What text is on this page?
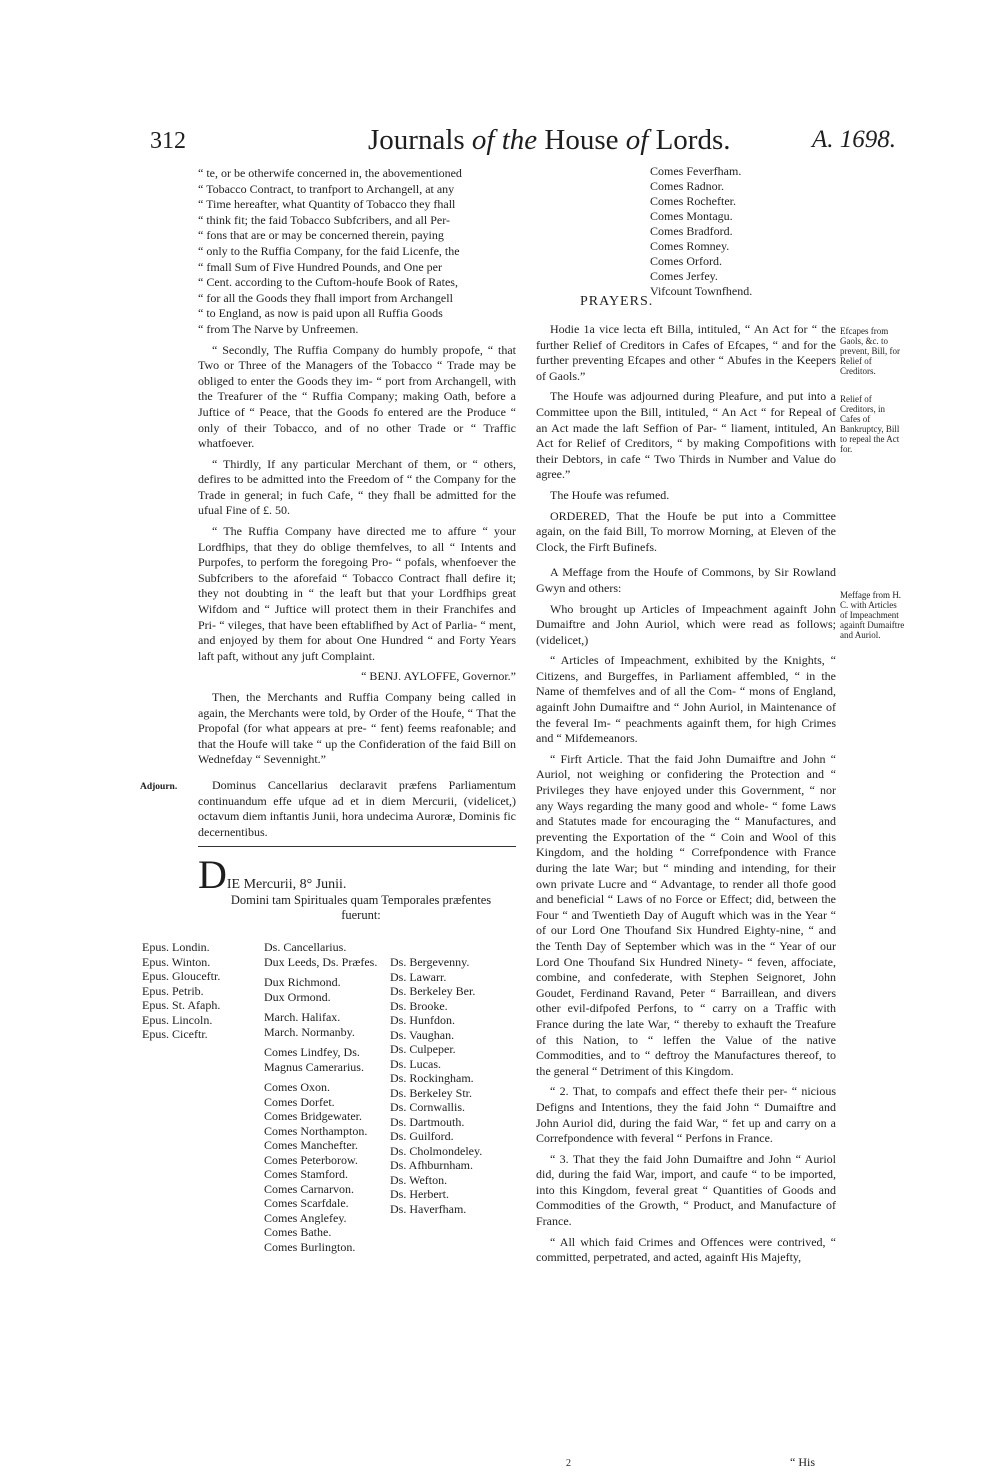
312	Journals of the House of Lords.	A. 1698.
“ te, or be otherwife concerned in, the abovementioned
“ Tobacco Contract, to tranfport to Archangell, at any
“ Time hereafter, what Quantity of Tobacco they fhall
“ think fit; the faid Tobacco Subfcribers, and all Per-
“ fons that are or may be concerned therein, paying
“ only to the Ruffia Company, for the faid Licenfe, the
“ fmall Sum of Five Hundred Pounds, and One per
“ Cent. according to the Cuftom-houfe Book of Rates,
“ for all the Goods they fhall import from Archangell
“ to England, as now is paid upon all Ruffia Goods
“ from The Narve by Unfreemen.

“ Secondly, The Ruffia Company do humbly propofe, “ that Two or Three of the Managers of the Tobacco “ Trade may be obliged to enter the Goods they im- “ port from Archangell, with the Treafurer of the “ Ruffia Company; making Oath, before a Juftice of “ Peace, that the Goods fo entered are the Produce “ only of their Tobacco, and of no other Trade or “ Traffic whatfoever.

“ Thirdly, If any particular Merchant of them, or “ others, defires to be admitted into the Freedom of “ the Company for the Trade in general; in fuch Cafe, “ they fhall be admitted for the ufual Fine of £. 50.

“ The Ruffia Company have directed me to affure “ your Lordfhips, that they do oblige themfelves, to all “ Intents and Purpofes, to perform the foregoing Pro- “ pofals, whenfoever the Subfcribers to the aforefaid “ Tobacco Contract fhall defire it; they not doubting in “ the leaft but that your Lordfhips great Wifdom and “ Juftice will protect them in their Franchifes and Pri- “ vileges, that have been eftablifhed by Act of Parlia- “ ment, and enjoyed by them for about One Hundred “ and Forty Years laft paft, without any juft Complaint.

“ BENJ. AYLOFFE, Governor.”

Then, the Merchants and Ruffia Company being called in again, the Merchants were told, by Order of the Houfe, “ That the Propofal (for what appears at pre- “ fent) feems reafonable; and that the Houfe will take “ up the Confideration of the faid Bill on Wednefday “ Sevennight.”

Dominus Cancellarius declaravit præfens Parliamentum continuandum effe ufque ad et in diem Mercurii, (videlicet,) octavum diem inftantis Junii, hora undecima Auroræ, Dominis fic decernentibus.

Adjourn.
DIE Mercurii, 8° Junii.
Domini tam Spirituales quam Temporales præfentes fuerunt:
Epus. Londin.
Epus. Winton.
Epus. Glouceftr.
Epus. Petrib.
Epus. St. Afaph.
Epus. Lincoln.
Epus. Ciceftr.
Ds. Cancellarius.
Dux Leeds, Ds. Præfes.

Dux Richmond.
Dux Ormond.

March. Halifax.
March. Normanby.

Comes Lindfey, Ds.
Magnus Camerarius.

Comes Oxon.
Comes Dorfet.
Comes Bridgewater.
Comes Northampton.
Comes Manchefter.
Comes Peterborow.
Comes Stamford.
Comes Carnarvon.
Comes Scarfdale.
Comes Anglefey.
Comes Bathe.
Comes Burlington.
Ds. Bergevenny.
Ds. Lawarr.
Ds. Berkeley Ber.
Ds. Brooke.
Ds. Hunfdon.
Ds. Vaughan.
Ds. Culpeper.
Ds. Lucas.
Ds. Rockingham.
Ds. Berkeley Str.
Ds. Cornwallis.
Ds. Dartmouth.
Ds. Guilford.
Ds. Cholmondeley.
Ds. Afhburnham.
Ds. Wefton.
Ds. Herbert.
Ds. Haverfham.
Comes Feverfham.
Comes Radnor.
Comes Rochefter.
Comes Montagu.
Comes Bradford.
Comes Romney.
Comes Orford.
Comes Jerfey.
Vifcount Townfhend.
PRAYERS.

Hodie 1a vice lecta eft Billa, intituled, “ An Act for “ the further Relief of Creditors in Cafes of Efcapes, “ and for the further preventing Efcapes and other “ Abufes in the Keepers of Gaols.”

The Houfe was adjourned during Pleafure, and put into a Committee upon the Bill, intituled, “ An Act “ for Repeal of an Act made the laft Seffion of Par- “ liament, intituled, An Act for Relief of Creditors, “ by making Compofitions with their Debtors, in cafe “ Two Thirds in Number and Value do agree.”

The Houfe was refumed.

ORDERED, That the Houfe be put into a Committee again, on the faid Bill, To morrow Morning, at Eleven of the Clock, the Firft Bufinefs.

A Meffage from the Houfe of Commons, by Sir Rowland Gwyn and others:

Who brought up Articles of Impeachment againft John Dumaiftre and John Auriol, which were read as follows; (videlicet,)

“ Articles of Impeachment, exhibited by the Knights, “ Citizens, and Burgeffes, in Parliament affembled, “ in the Name of themfelves and of all the Com- “ mons of England, againft John Dumaiftre and “ John Auriol, in Maintenance of the feveral Im- “ peachments againft them, for high Crimes and “ Mifdemeanors.

“ Firft Article. That the faid John Dumaiftre and John “ Auriol, not weighing or confidering the Protection and “ Privileges they have enjoyed under this Government, “ nor any Ways regarding the many good and whole- “ fome Laws and Statutes made for encouraging the “ Manufactures, and preventing the Exportation of the “ Coin and Wool of this Kingdom, and the holding “ Correfpondence with France during the late War; but “ minding and intending, for their own private Lucre and “ Advantage, to render all thofe good and beneficial “ Laws of no Force or Effect; did, between the Four “ and Twentieth Day of Auguft which was in the Year “ of our Lord One Thoufand Six Hundred Eighty-nine, “ and the Tenth Day of September which was in the “ Year of our Lord One Thoufand Six Hundred Ninety- “ feven, affociate, combine, and confederate, with Stephen Seignoret, John Goudet, Ferdinand Ravand, Peter “ Barraillean, and divers other evil-difpofed Perfons, to “ carry on a Traffic with France during the late War, “ thereby to exhauft the Treafure of this Nation, to “ leffen the Value of the native Commodities, and to “ deftroy the Manufactures thereof, to the general “ Detriment of this Kingdom.

“ 2. That, to compafs and effect thefe their per- “ nicious Defigns and Intentions, they the faid John “ Dumaiftre and John Auriol did, during the faid War, “ fet up and carry on a Correfpondence with feveral “ Perfons in France.

“ 3. That they the faid John Dumaiftre and John “ Auriol did, during the faid War, import, and caufe “ to be imported, into this Kingdom, feveral great “ Quantities of Goods and Commodities of the Growth, “ Product, and Manufacture of France.

“ All which faid Crimes and Offences were contrived, “ committed, perpetrated, and acted, againft His Majefty,

Efcapes from Gaols, &c. to prevent, Bill, for Relief of Creditors.
Relief of Creditors, in Cafes of Bankruptcy, Bill to repeal the Act for.
Meffage from H. C. with Articles of Impeachment againft Dumaiftre and Auriol.
2	“ His
